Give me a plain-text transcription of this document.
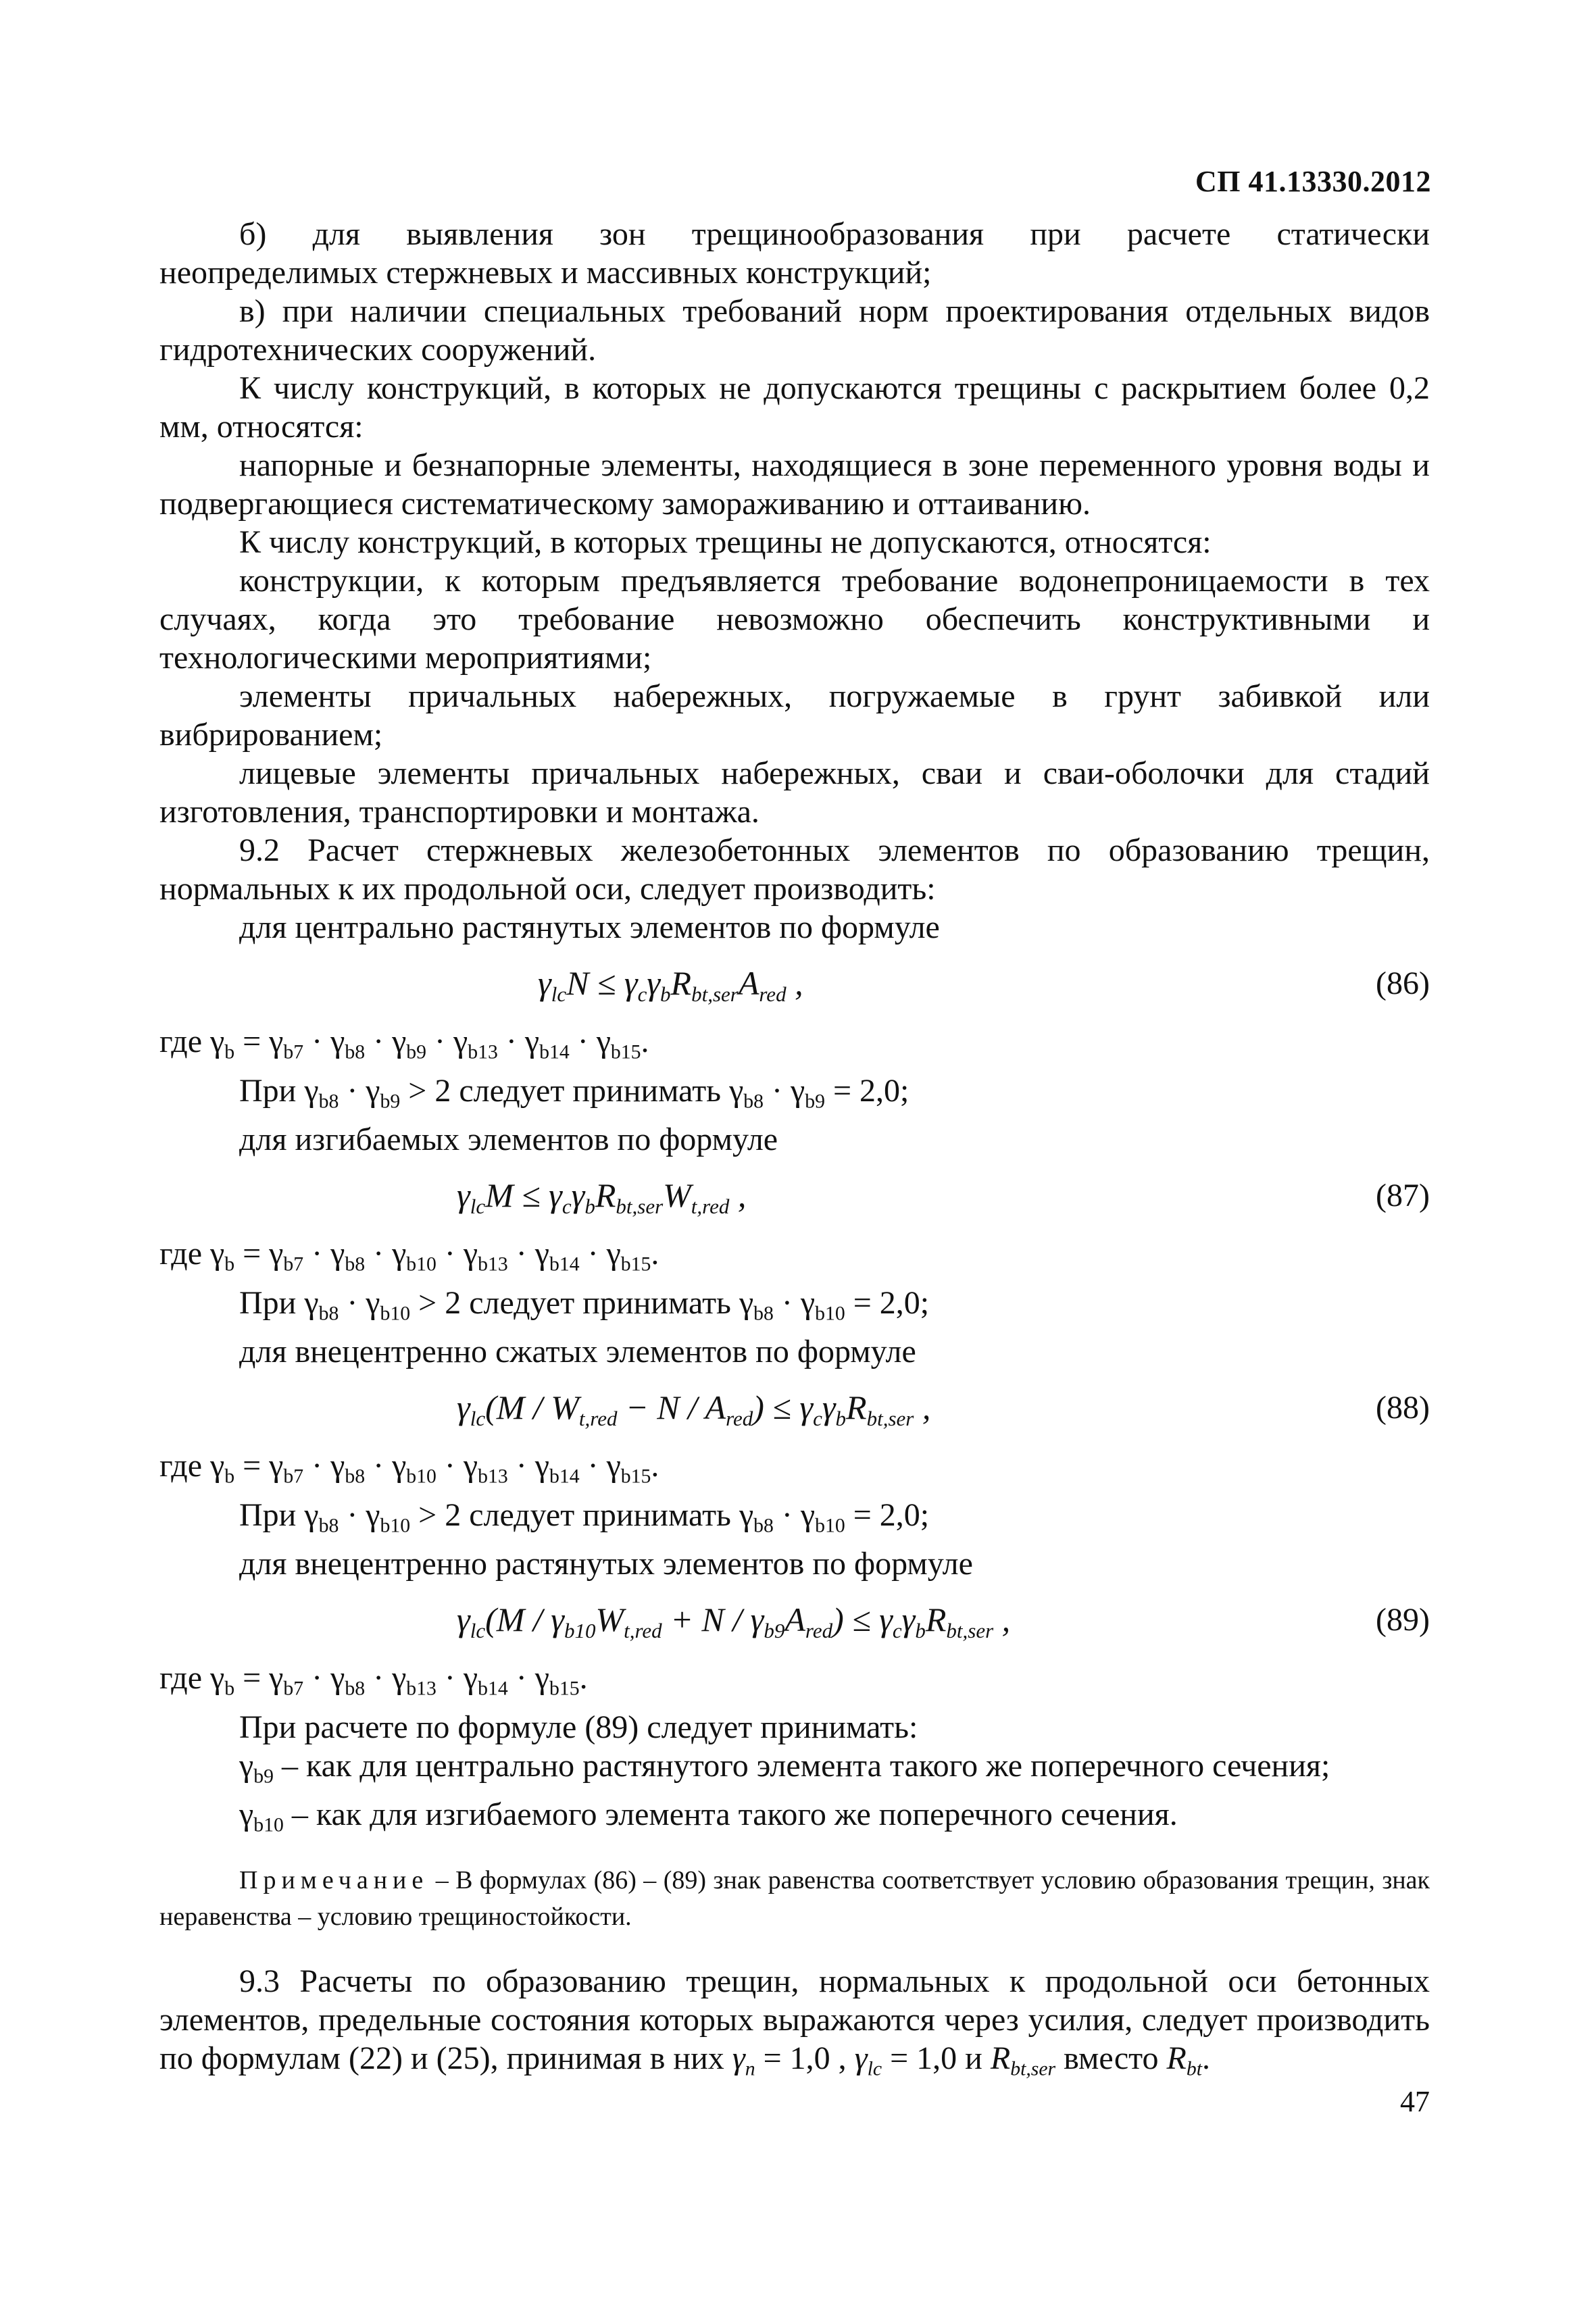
СП 41.13330.2012

б) для выявления зон трещинообразования при расчете статически

неопределимых стержневых и массивных конструкций;

в) при наличии специальных требований норм проектирования отдельных видов гидротехнических сооружений.

К числу конструкций, в которых не допускаются трещины с раскрытием более 0,2 мм, относятся:

напорные и безнапорные элементы, находящиеся в зоне переменного уровня воды и подвергающиеся систематическому замораживанию и оттаиванию.

К числу конструкций, в которых трещины не допускаются, относятся:

конструкции, к которым предъявляется требование водонепроницаемости в тех случаях, когда это требование невозможно обеспечить конструктивными и технологическими мероприятиями;

элементы причальных набережных, погружаемые в грунт забивкой или вибрированием;

лицевые элементы причальных набережных, сваи и сваи-оболочки для стадий изготовления, транспортировки и монтажа.

9.2 Расчет стержневых железобетонных элементов по образованию трещин, нормальных к их продольной оси, следует производить:

для центрально растянутых элементов по формуле

$\gamma_{lc}N \le \gamma_c\gamma_bR_{bt,ser}A_{red}$ ,	(86)

где $\gamma_b = \gamma_{b7} \cdot \gamma_{b8} \cdot \gamma_{b9} \cdot \gamma_{b13} \cdot \gamma_{b14} \cdot \gamma_{b15}$.

При $\gamma_{b8} \cdot \gamma_{b9} > 2$ следует принимать $\gamma_{b8} \cdot \gamma_{b9} = 2,0$;

для изгибаемых элементов по формуле

$\gamma_{lc}M \le \gamma_c\gamma_bR_{bt,ser}W_{t,red}$ ,	(87)

где $\gamma_b = \gamma_{b7} \cdot \gamma_{b8} \cdot \gamma_{b10} \cdot \gamma_{b13} \cdot \gamma_{b14} \cdot \gamma_{b15}$.

При $\gamma_{b8} \cdot \gamma_{b10} > 2$ следует принимать $\gamma_{b8} \cdot \gamma_{b10} = 2,0$;

для внецентренно сжатых элементов по формуле

$\gamma_{lc}(M / W_{t,red} - N / A_{red}) \le \gamma_c\gamma_bR_{bt,ser}$ ,	(88)

где $\gamma_b = \gamma_{b7} \cdot \gamma_{b8} \cdot \gamma_{b10} \cdot \gamma_{b13} \cdot \gamma_{b14} \cdot \gamma_{b15}$.

При $\gamma_{b8} \cdot \gamma_{b10} > 2$ следует принимать $\gamma_{b8} \cdot \gamma_{b10} = 2,0$;

для внецентренно растянутых элементов по формуле

$\gamma_{lc}(M / \gamma_{b10}W_{t,red} + N / \gamma_{b9}A_{red}) \le \gamma_c\gamma_bR_{bt,ser}$ ,	(89)

где $\gamma_b = \gamma_{b7} \cdot \gamma_{b8} \cdot \gamma_{b13} \cdot \gamma_{b14} \cdot \gamma_{b15}$.

При расчете по формуле (89) следует принимать:

$\gamma_{b9}$ – как для центрально растянутого элемента такого же поперечного сечения;

$\gamma_{b10}$ – как для изгибаемого элемента такого же поперечного сечения.

Примечание – В формулах (86) – (89) знак равенства соответствует условию образования трещин, знак неравенства – условию трещиностойкости.

9.3 Расчеты по образованию трещин, нормальных к продольной оси бетонных элементов, предельные состояния которых выражаются через усилия, следует производить по формулам (22) и (25), принимая в них $\gamma_n = 1,0$ , $\gamma_{lc} = 1,0$ и $R_{bt,ser}$ вместо $R_{bt}$.

47
